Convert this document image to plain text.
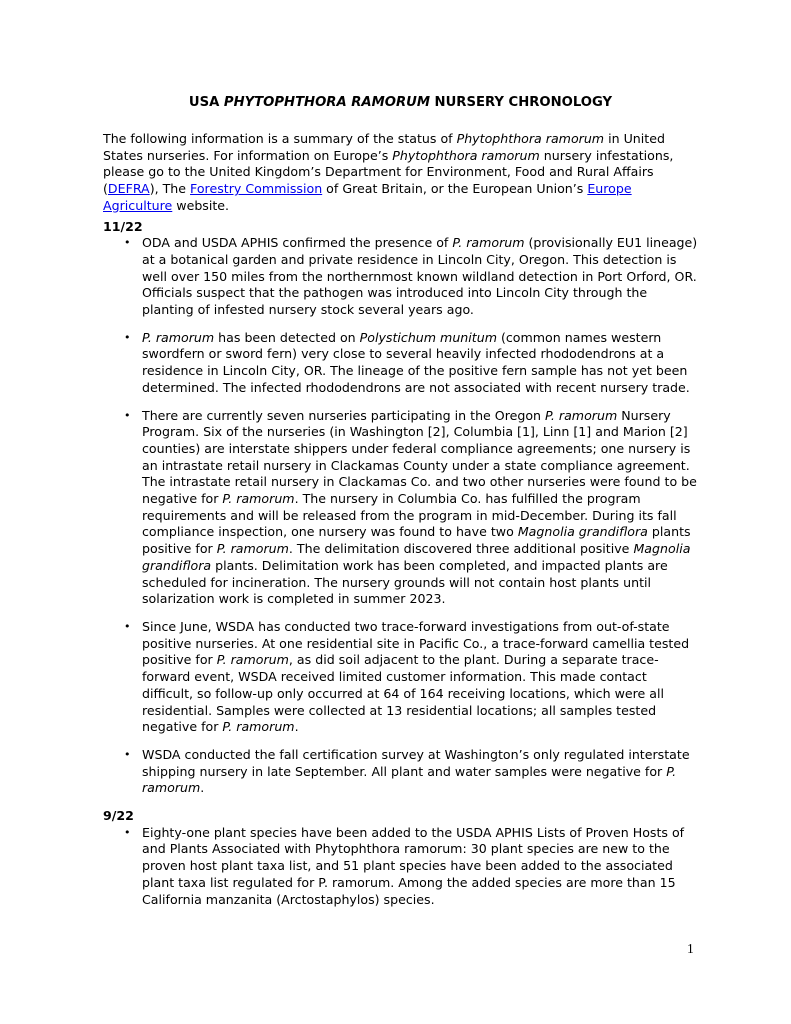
USA PHYTOPHTHORA RAMORUM NURSERY CHRONOLOGY

The following information is a summary of the status of Phytophthora ramorum in United States nurseries. For information on Europe’s Phytophthora ramorum nursery infestations, please go to the United Kingdom’s Department for Environment, Food and Rural Affairs (DEFRA), The Forestry Commission of Great Britain, or the European Union’s Europe Agriculture website.

11/22
• ODA and USDA APHIS confirmed the presence of P. ramorum (provisionally EU1 lineage) at a botanical garden and private residence in Lincoln City, Oregon. This detection is well over 150 miles from the northernmost known wildland detection in Port Orford, OR. Officials suspect that the pathogen was introduced into Lincoln City through the planting of infested nursery stock several years ago.
• P. ramorum has been detected on Polystichum munitum (common names western swordfern or sword fern) very close to several heavily infected rhododendrons at a residence in Lincoln City, OR. The lineage of the positive fern sample has not yet been determined. The infected rhododendrons are not associated with recent nursery trade.
• There are currently seven nurseries participating in the Oregon P. ramorum Nursery Program. Six of the nurseries (in Washington [2], Columbia [1], Linn [1] and Marion [2] counties) are interstate shippers under federal compliance agreements; one nursery is an intrastate retail nursery in Clackamas County under a state compliance agreement. The intrastate retail nursery in Clackamas Co. and two other nurseries were found to be negative for P. ramorum. The nursery in Columbia Co. has fulfilled the program requirements and will be released from the program in mid-December. During its fall compliance inspection, one nursery was found to have two Magnolia grandiflora plants positive for P. ramorum. The delimitation discovered three additional positive Magnolia grandiflora plants. Delimitation work has been completed, and impacted plants are scheduled for incineration. The nursery grounds will not contain host plants until solarization work is completed in summer 2023.
• Since June, WSDA has conducted two trace-forward investigations from out-of-state positive nurseries. At one residential site in Pacific Co., a trace-forward camellia tested positive for P. ramorum, as did soil adjacent to the plant. During a separate trace-forward event, WSDA received limited customer information. This made contact difficult, so follow-up only occurred at 64 of 164 receiving locations, which were all residential. Samples were collected at 13 residential locations; all samples tested negative for P. ramorum.
• WSDA conducted the fall certification survey at Washington’s only regulated interstate shipping nursery in late September. All plant and water samples were negative for P. ramorum.
9/22
• Eighty-one plant species have been added to the USDA APHIS Lists of Proven Hosts of and Plants Associated with Phytophthora ramorum: 30 plant species are new to the proven host plant taxa list, and 51 plant species have been added to the associated plant taxa list regulated for P. ramorum. Among the added species are more than 15 California manzanita (Arctostaphylos) species.
1
